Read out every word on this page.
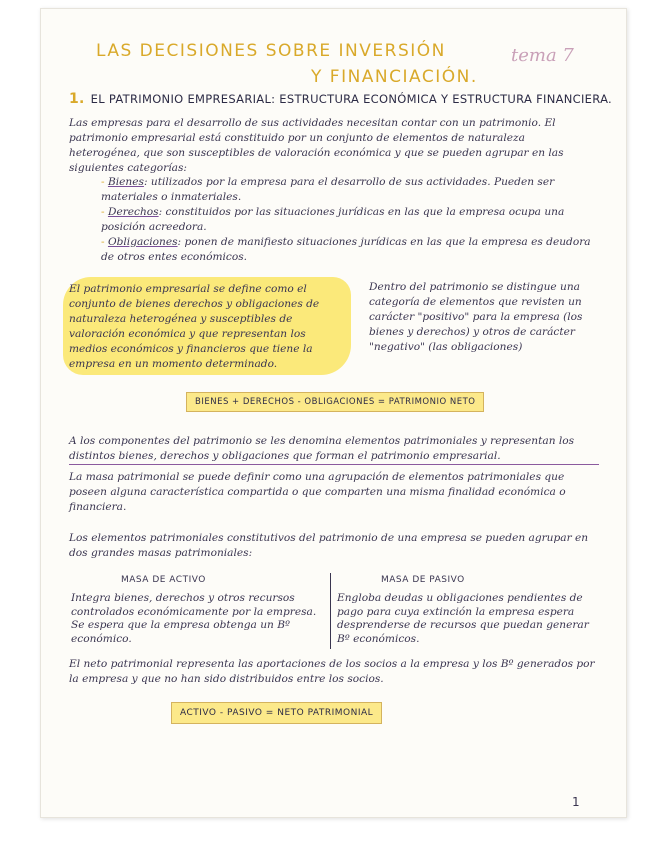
LAS DECISIONES SOBRE INVERSIÓN
Y FINANCIACIÓN.
tema 7
1. EL PATRIMONIO EMPRESARIAL: ESTRUCTURA ECONÓMICA Y ESTRUCTURA FINANCIERA.
Las empresas para el desarrollo de sus actividades necesitan contar con un patrimonio. El patrimonio empresarial está constituido por un conjunto de elementos de naturaleza heterogénea, que son susceptibles de valoración económica y que se pueden agrupar en las siguientes categorías:
- Bienes: utilizados por la empresa para el desarrollo de sus actividades. Pueden ser materiales o inmateriales.
- Derechos: constituidos por las situaciones jurídicas en las que la empresa ocupa una posición acreedora.
- Obligaciones: ponen de manifiesto situaciones jurídicas en las que la empresa es deudora de otros entes económicos.
El patrimonio empresarial se define como el conjunto de bienes derechos y obligaciones de naturaleza heterogénea y susceptibles de valoración económica y que representan los medios económicos y financieros que tiene la empresa en un momento determinado.
Dentro del patrimonio se distingue una categoría de elementos que revisten un carácter "positivo" para la empresa (los bienes y derechos) y otros de carácter "negativo" (las obligaciones)
BIENES + DERECHOS - OBLIGACIONES = PATRIMONIO NETO
A los componentes del patrimonio se les denomina elementos patrimoniales y representan los distintos bienes, derechos y obligaciones que forman el patrimonio empresarial.
La masa patrimonial se puede definir como una agrupación de elementos patrimoniales que poseen alguna característica compartida o que comparten una misma finalidad económica o financiera.
Los elementos patrimoniales constitutivos del patrimonio de una empresa se pueden agrupar en dos grandes masas patrimoniales:
MASA DE ACTIVO	MASA DE PASIVO
Integra bienes, derechos y otros recursos controlados económicamente por la empresa. Se espera que la empresa obtenga un Bº económico.
Engloba deudas u obligaciones pendientes de pago para cuya extinción la empresa espera desprenderse de recursos que puedan generar Bº económicos.
El neto patrimonial representa las aportaciones de los socios a la empresa y los Bº generados por la empresa y que no han sido distribuidos entre los socios.
ACTIVO - PASIVO = NETO PATRIMONIAL
1
